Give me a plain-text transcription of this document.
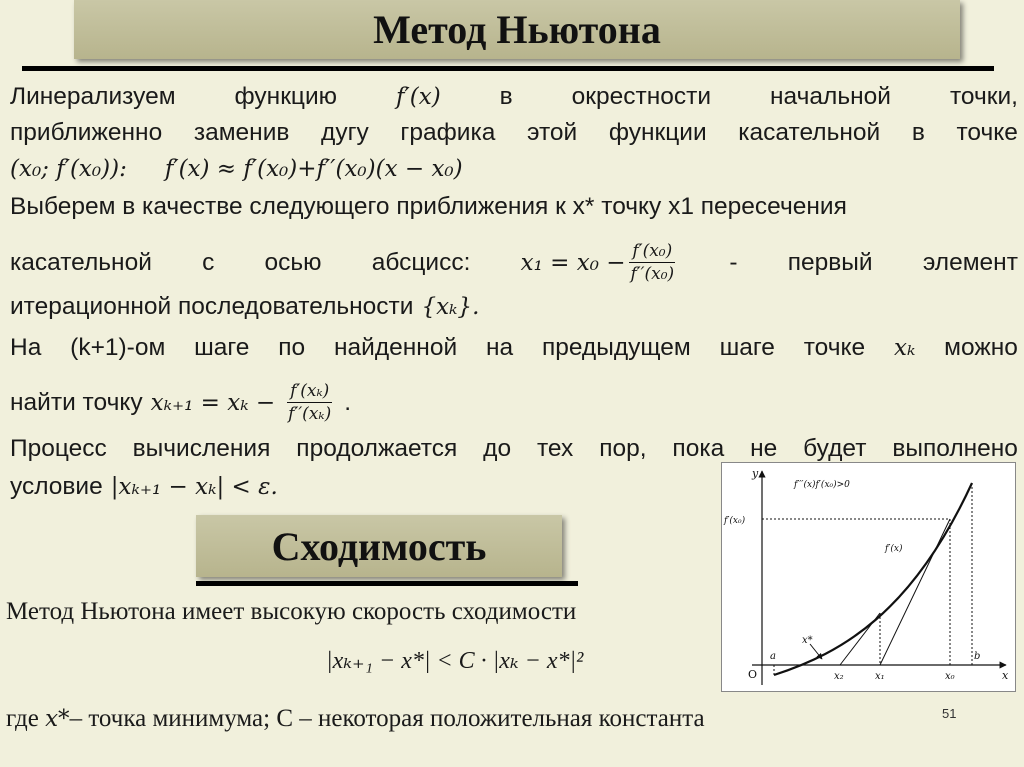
Метод Ньютона
Линерализуем функцию	f′(x) в окрестности начальной точки,
приближенно заменив дугу графика этой функции касательной в точке
(x₀; f′(x₀)): f′(x) ≈ f′(x₀)+f′′(x₀)(x − x₀)
Выберем в качестве следующего приближения к x* точку x1 пересечения
касательной с осью абсцисс: $x_1 = x_0 - \frac{\text{f′(x₀)}}{\text{f′′(x₀)}}$ - первый элемент
итерационной последовательности {xₖ}.
На (k+1)-ом шаге по найденной на предыдущем шаге точке xₖ можно
найти точку $x_{k+1} = x_k - \frac{\text{f′(xₖ)}}{\text{f′′(xₖ)}}$ .
Процесс вычисления продолжается до тех пор, пока не будет выполнено
условие |xₖ₊₁ − xₖ| < ε.
Сходимость
Метод Ньютона имеет высокую скорость сходимости
|xₖ₊₁ − x*| < C · |xₖ − x*|²
где x*– точка минимума; С – некоторая положительная константа
y
x
O
f′′′(x)f′(x₀)>0
f′(x₀)
f′(x)
x*
a
x₂	x₁	x₀
b
51
